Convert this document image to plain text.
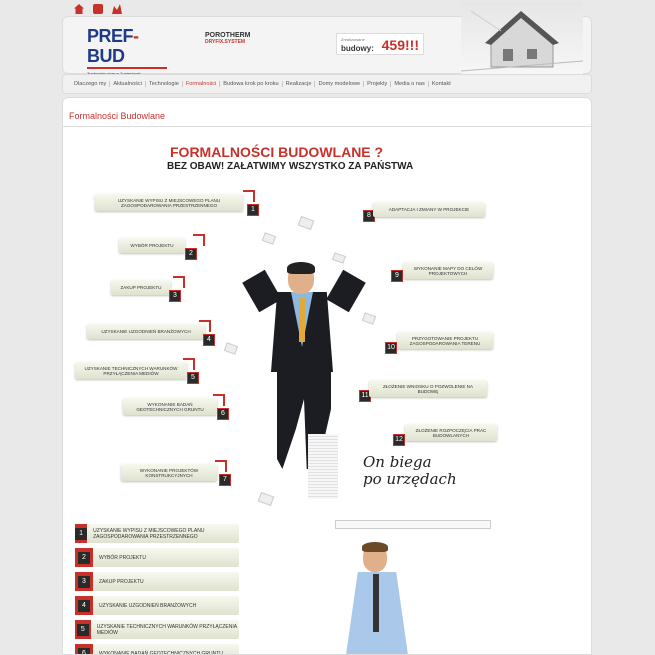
PREF-BUD
POROTHERM
DRYFIX.SYSTEM	Zrealizowane
budowy: 459!!!
Dlaczego my	Aktualności	Technologie	Formalności	Budowa krok po kroku	Realizacje	Domy modelowe	Projekty	Media o nas	Kontakt
Formalności Budowlane
FORMALNOŚCI BUDOWLANE ?
BEZ OBAW! ZAŁATWIMY WSZYSTKO ZA PAŃSTWA
UZYSKANIE WYPISU Z MIEJSCOWEGO PLANU ZAGOSPODAROWANIA PRZESTRZENNEGO
1
WYBÓR PROJEKTU
2
ZAKUP PROJEKTU
3
UZYSKANIE UZGODNIEŃ BRANŻOWYCH
4
UZYSKANIE TECHNICZNYCH WARUNKÓW PRZYŁĄCZENIA MEDIÓW
5
WYKONANIE BADAŃ GEOTECHNICZNYCH GRUNTU
6
WYKONANIE PROJEKTÓW KONSTRUKCYJNYCH
7
8
ADAPTACJA I ZMIANY W PROJEKCIE
9
WYKONANIE MAPY DO CELÓW PROJEKTOWYCH
10
PRZYGOTOWANIE PROJEKTU ZAGOSPODAROWANIA TERENU
11
ZŁOŻENIE WNIOSKU O POZWOLENIE NA BUDOWĘ
12
ZŁOŻENIE ROZPOCZĘCIA PRAC BUDOWLANYCH
On biega
po urzędach
1	UZYSKANIE WYPISU Z MIEJSCOWEGO PLANU ZAGOSPODAROWANIA PRZESTRZENNEGO
2	WYBÓR PROJEKTU
3	ZAKUP PROJEKTU
4	UZYSKANIE UZGODNIEŃ BRANŻOWYCH
5	UZYSKANIE TECHNICZNYCH WARUNKÓW PRZYŁĄCZENIA MEDIÓW
6	WYKONANIE BADAŃ GEOTECHNICZNYCH GRUNTU
